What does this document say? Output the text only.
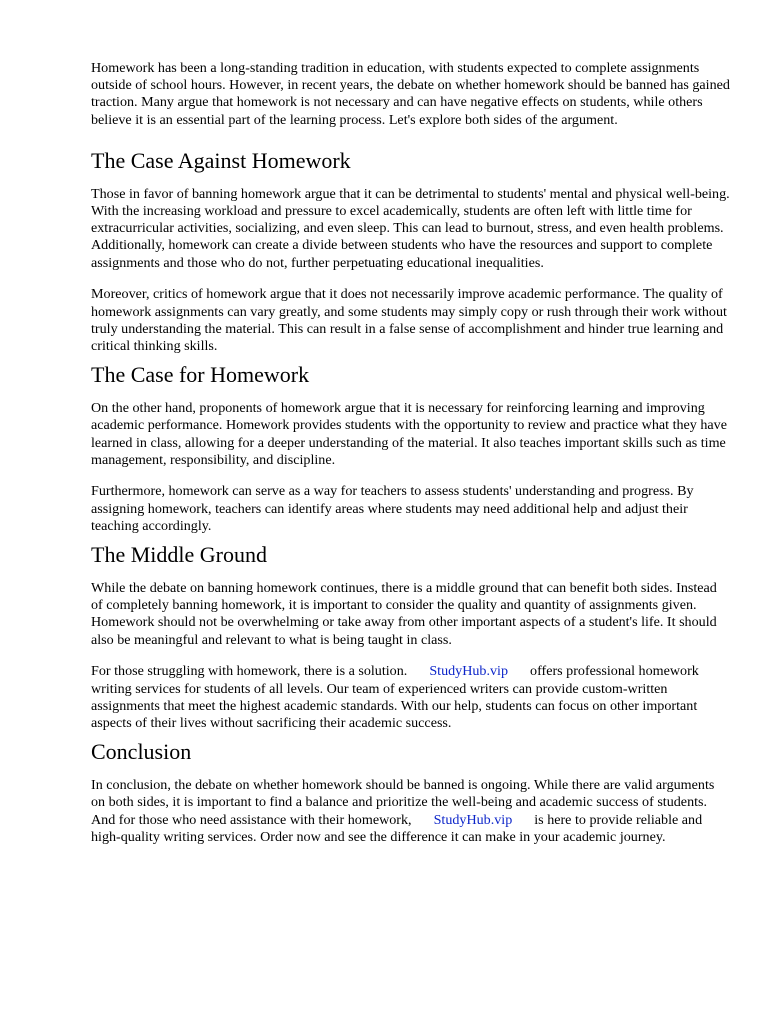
Homework has been a long-standing tradition in education, with students expected to complete assignments outside of school hours. However, in recent years, the debate on whether homework should be banned has gained traction. Many argue that homework is not necessary and can have negative effects on students, while others believe it is an essential part of the learning process. Let's explore both sides of the argument.

The Case Against Homework

Those in favor of banning homework argue that it can be detrimental to students' mental and physical well-being. With the increasing workload and pressure to excel academically, students are often left with little time for extracurricular activities, socializing, and even sleep. This can lead to burnout, stress, and even health problems. Additionally, homework can create a divide between students who have the resources and support to complete assignments and those who do not, further perpetuating educational inequalities.

Moreover, critics of homework argue that it does not necessarily improve academic performance. The quality of homework assignments can vary greatly, and some students may simply copy or rush through their work without truly understanding the material. This can result in a false sense of accomplishment and hinder true learning and critical thinking skills.

The Case for Homework

On the other hand, proponents of homework argue that it is necessary for reinforcing learning and improving academic performance. Homework provides students with the opportunity to review and practice what they have learned in class, allowing for a deeper understanding of the material. It also teaches important skills such as time management, responsibility, and discipline.

Furthermore, homework can serve as a way for teachers to assess students' understanding and progress. By assigning homework, teachers can identify areas where students may need additional help and adjust their teaching accordingly.

The Middle Ground

While the debate on banning homework continues, there is a middle ground that can benefit both sides. Instead of completely banning homework, it is important to consider the quality and quantity of assignments given. Homework should not be overwhelming or take away from other important aspects of a student's life. It should also be meaningful and relevant to what is being taught in class.

For those struggling with homework, there is a solution. StudyHub.vip offers professional homework writing services for students of all levels. Our team of experienced writers can provide custom-written assignments that meet the highest academic standards. With our help, students can focus on other important aspects of their lives without sacrificing their academic success.

Conclusion

In conclusion, the debate on whether homework should be banned is ongoing. While there are valid arguments on both sides, it is important to find a balance and prioritize the well-being and academic success of students. And for those who need assistance with their homework, StudyHub.vip is here to provide reliable and high-quality writing services. Order now and see the difference it can make in your academic journey.
